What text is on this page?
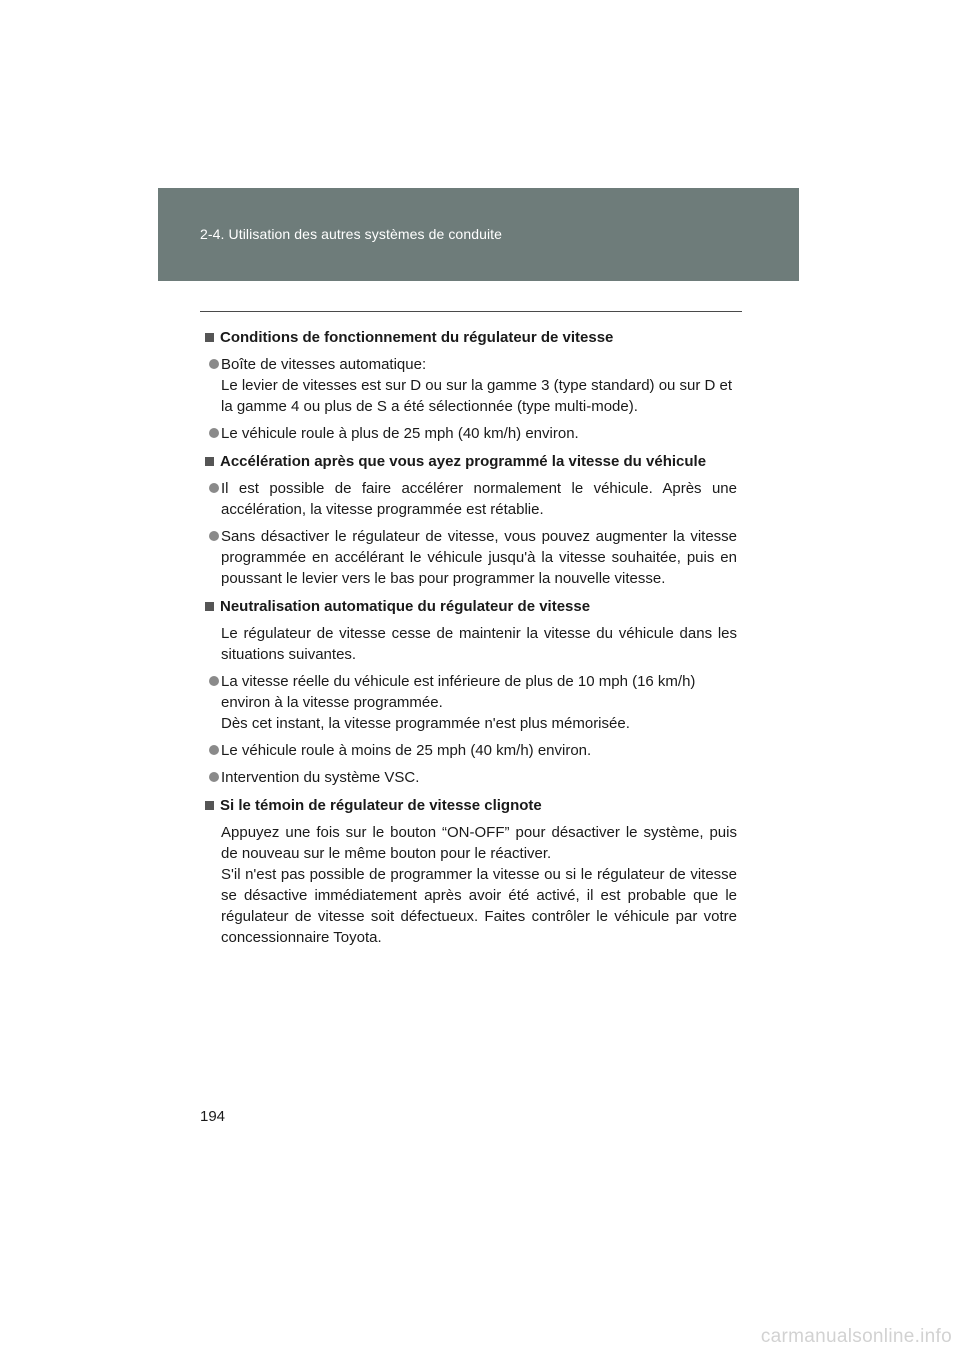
2-4. Utilisation des autres systèmes de conduite
Conditions de fonctionnement du régulateur de vitesse
Boîte de vitesses automatique:
Le levier de vitesses est sur D ou sur la gamme 3 (type standard) ou sur D et la gamme 4 ou plus de S a été sélectionnée (type multi-mode).
Le véhicule roule à plus de 25 mph (40 km/h) environ.
Accélération après que vous ayez programmé la vitesse du véhicule
Il est possible de faire accélérer normalement le véhicule. Après une accélération, la vitesse programmée est rétablie.
Sans désactiver le régulateur de vitesse, vous pouvez augmenter la vitesse programmée en accélérant le véhicule jusqu'à la vitesse souhaitée, puis en poussant le levier vers le bas pour programmer la nouvelle vitesse.
Neutralisation automatique du régulateur de vitesse
Le régulateur de vitesse cesse de maintenir la vitesse du véhicule dans les situations suivantes.
La vitesse réelle du véhicule est inférieure de plus de 10 mph (16 km/h) environ à la vitesse programmée.
Dès cet instant, la vitesse programmée n'est plus mémorisée.
Le véhicule roule à moins de 25 mph (40 km/h) environ.
Intervention du système VSC.
Si le témoin de régulateur de vitesse clignote
Appuyez une fois sur le bouton “ON-OFF” pour désactiver le système, puis de nouveau sur le même bouton pour le réactiver.
S'il n'est pas possible de programmer la vitesse ou si le régulateur de vitesse se désactive immédiatement après avoir été activé, il est probable que le régulateur de vitesse soit défectueux. Faites contrôler le véhicule par votre concessionnaire Toyota.
194
carmanualsonline.info
